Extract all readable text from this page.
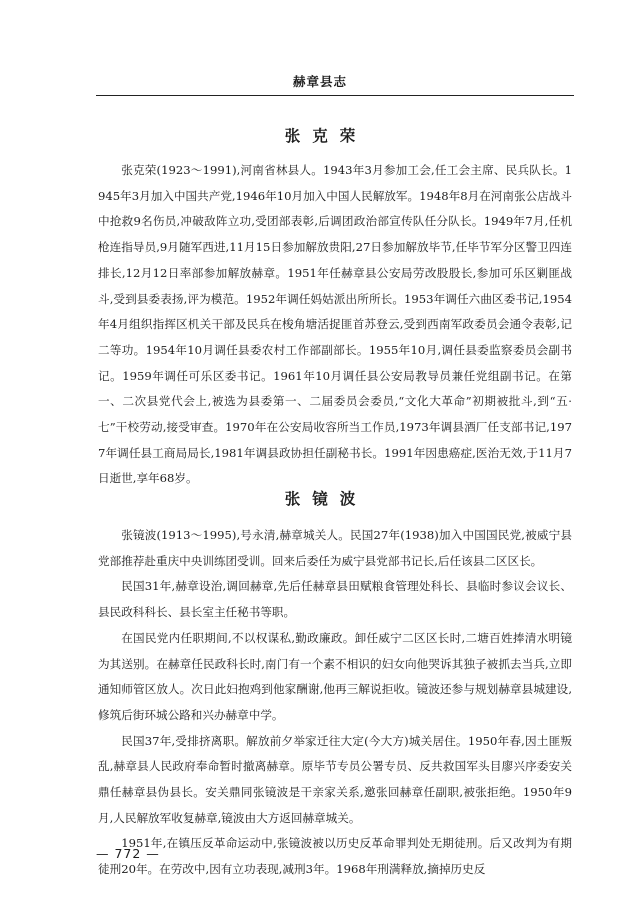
赫章县志
张克荣

张克荣(1923～1991),河南省林县人。1943年3月参加工会,任工会主席、民兵队长。1945年3月加入中国共产党,1946年10月加入中国人民解放军。1948年8月在河南张公店战斗中抢救9名伤员,冲破敌阵立功,受团部表彰,后调团政治部宣传队任分队长。1949年7月,任机枪连指导员,9月随军西进,11月15日参加解放贵阳,27日参加解放毕节,任毕节军分区警卫四连排长,12月12日率部参加解放赫章。1951年任赫章县公安局劳改股股长,参加可乐区剿匪战斗,受到县委表扬,评为模范。1952年调任妈姑派出所所长。1953年调任六曲区委书记,1954年4月组织指挥区机关干部及民兵在梭角塘活捉匪首苏登云,受到西南军政委员会通令表彰,记二等功。1954年10月调任县委农村工作部副部长。1955年10月,调任县委监察委员会副书记。1959年调任可乐区委书记。1961年10月调任县公安局教导员兼任党组副书记。在第一、二次县党代会上,被选为县委第一、二届委员会委员,“文化大革命”初期被批斗,到“五·七”干校劳动,接受审查。1970年在公安局收容所当工作员,1973年调县酒厂任支部书记,1977年调任县工商局局长,1981年调县政协担任副秘书长。1991年因患癌症,医治无效,于11月7日逝世,享年68岁。

张镜波

张镜波(1913～1995),号永清,赫章城关人。民国27年(1938)加入中国国民党,被威宁县党部推荐赴重庆中央训练团受训。回来后委任为威宁县党部书记长,后任该县二区区长。

民国31年,赫章设治,调回赫章,先后任赫章县田赋粮食管理处科长、县临时参议会议长、县民政科科长、县长室主任秘书等职。

在国民党内任职期间,不以权谋私,勤政廉政。卸任威宁二区区长时,二塘百姓捧清水明镜为其送别。在赫章任民政科长时,南门有一个素不相识的妇女向他哭诉其独子被抓去当兵,立即通知师管区放人。次日此妇抱鸡到他家酬谢,他再三解说拒收。镜波还参与规划赫章县城建设,修筑后街环城公路和兴办赫章中学。

民国37年,受排挤离职。解放前夕举家迁往大定(今大方)城关居住。1950年春,因土匪叛乱,赫章县人民政府奉命暂时撤离赫章。原毕节专员公署专员、反共救国军头目廖兴序委安关鼎任赫章县伪县长。安关鼎同张镜波是干亲家关系,邀张回赫章任副职,被张拒绝。1950年9月,人民解放军收复赫章,镜波由大方返回赫章城关。

1951年,在镇压反革命运动中,张镜波被以历史反革命罪判处无期徒刑。后又改判为有期徒刑20年。在劳改中,因有立功表现,减刑3年。1968年刑满释放,摘掉历史反

— 772 —
